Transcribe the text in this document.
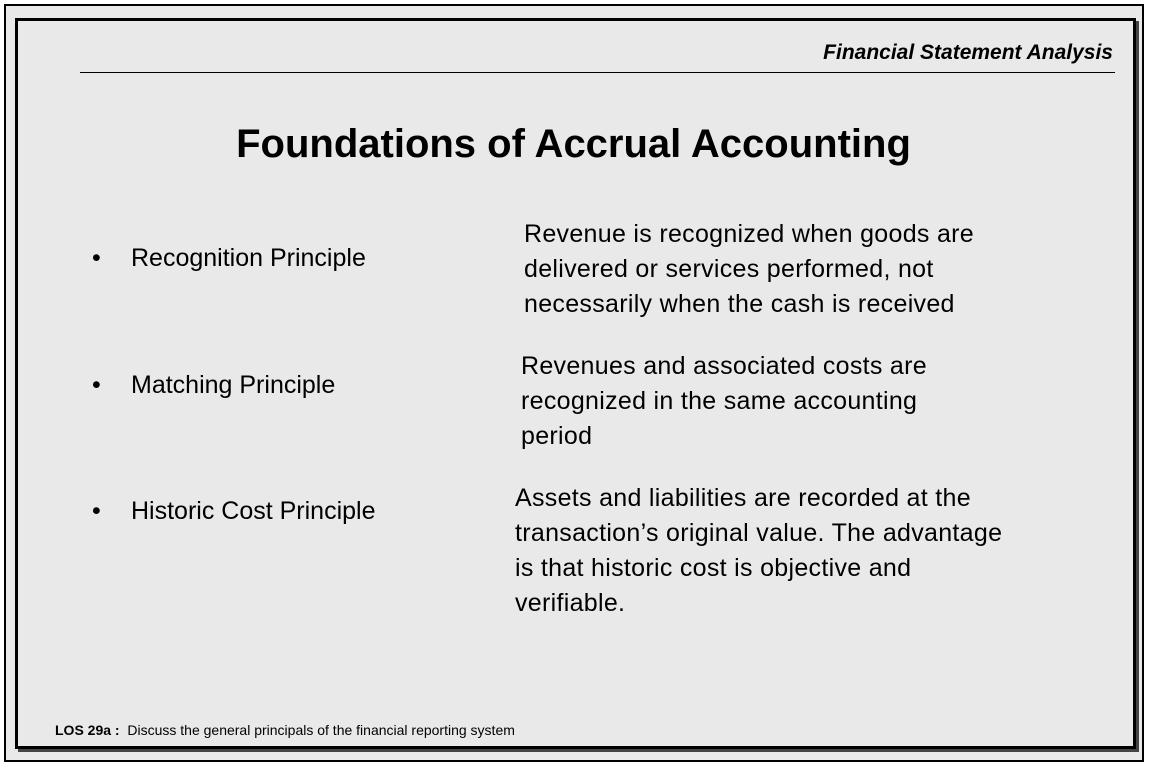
Financial Statement Analysis
Foundations of Accrual Accounting
• Recognition Principle
Revenue is recognized when goods are
delivered or services performed, not
necessarily when the cash is received
• Matching Principle
Revenues and associated costs are
recognized in the same accounting
period
• Historic Cost Principle	Assets and liabilities are recorded at the
transaction’s original value. The advantage
is that historic cost is objective and
verifiable.
LOS 29a : Discuss the general principals of the financial reporting system
